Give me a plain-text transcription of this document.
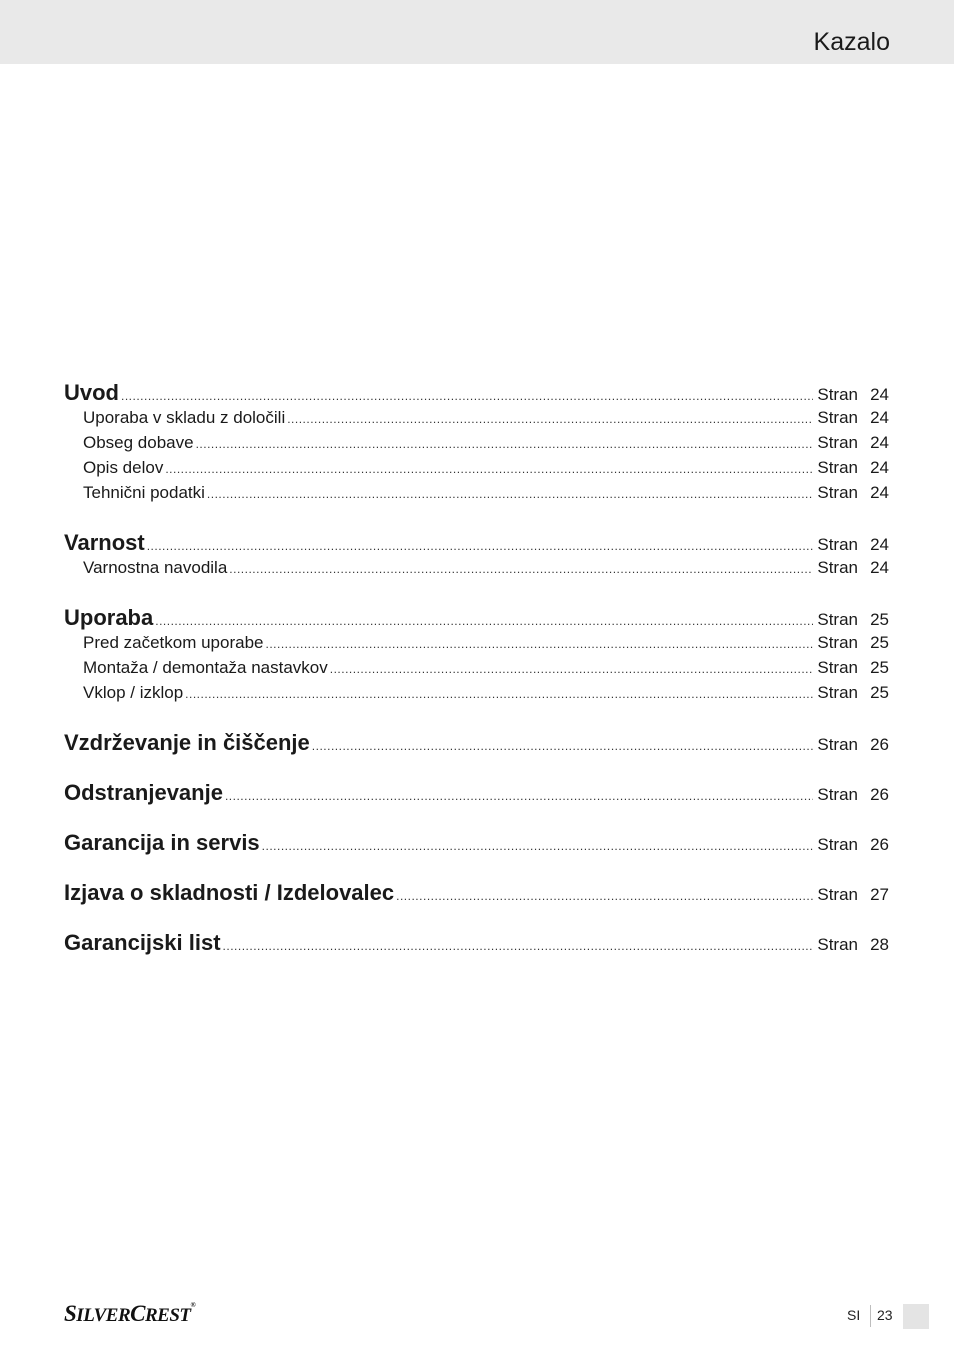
Kazalo
Uvod .....	Stran 24
Uporaba v skladu z določili .....	Stran 24
Obseg dobave .....	Stran 24
Opis delov .....	Stran 24
Tehnični podatki .....	Stran 24
Varnost .....	Stran 24
Varnostna navodila .....	Stran 24
Uporaba .....	Stran 25
Pred začetkom uporabe .....	Stran 25
Montaža / demontaža nastavkov .....	Stran 25
Vklop / izklop .....	Stran 25
Vzdrževanje in čiščenje .....	Stran 26
Odstranjevanje .....	Stran 26
Garancija in servis .....	Stran 26
Izjava o skladnosti / Izdelovalec .....	Stran 27
Garancijski list .....	Stran 28
SILVERCREST®
SI 23
